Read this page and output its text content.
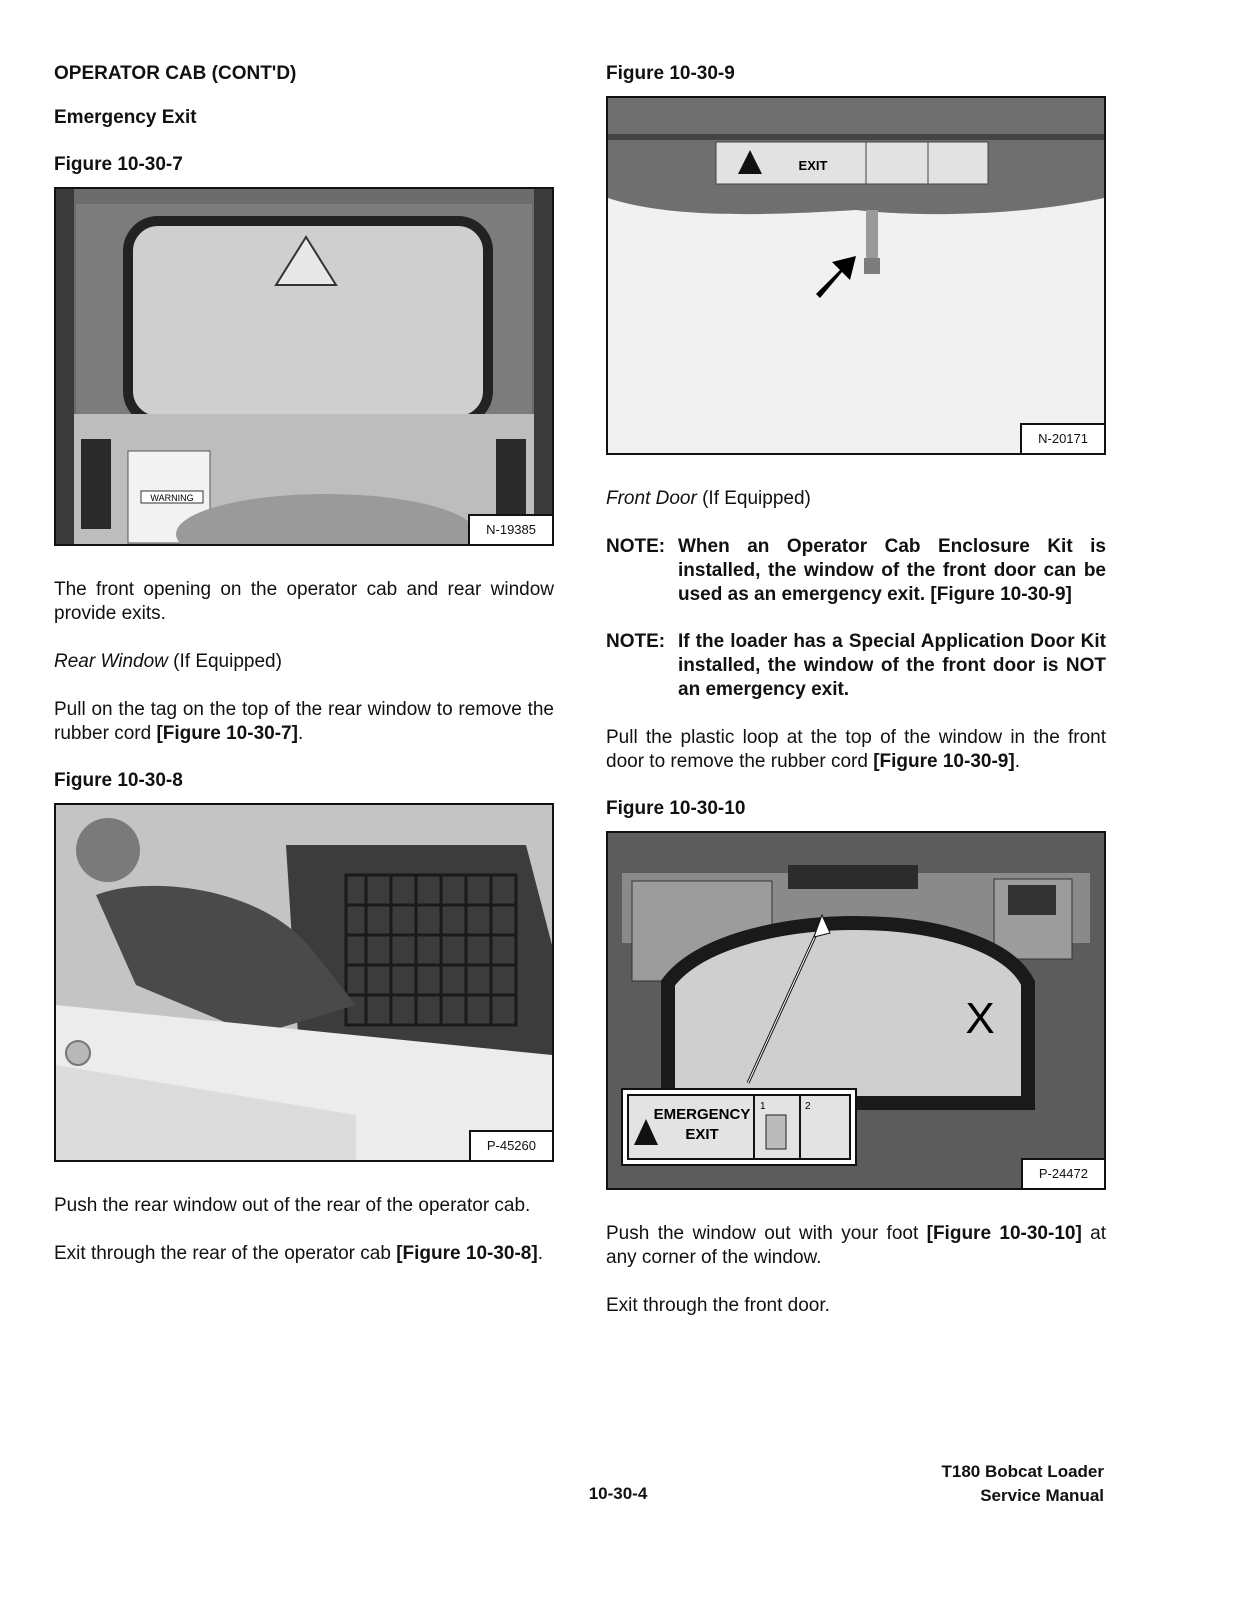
OPERATOR CAB (CONT'D)

Emergency Exit

Figure 10-30-7

WARNING
N-19385

The front opening on the operator cab and rear window provide exits.

Rear Window (If Equipped)

Pull on the tag on the top of the rear window to remove the rubber cord [Figure 10-30-7].

Figure 10-30-8

P-45260

Push the rear window out of the rear of the operator cab.

Exit through the rear of the operator cab [Figure 10-30-8].

Figure 10-30-9

EXIT
N-20171

Front Door (If Equipped)

NOTE: When an Operator Cab Enclosure Kit is installed, the window of the front door can be used as an emergency exit. [Figure 10-30-9]
NOTE: If the loader has a Special Application Door Kit installed, the window of the front door is NOT an emergency exit.

Pull the plastic loop at the top of the window in the front door to remove the rubber cord [Figure 10-30-9].

Figure 10-30-10

X
EMERGENCY
EXIT
1	2
P-24472

Push the window out with your foot [Figure 10-30-10] at any corner of the window.

Exit through the front door.

10-30-4
T180 Bobcat Loader
Service Manual
